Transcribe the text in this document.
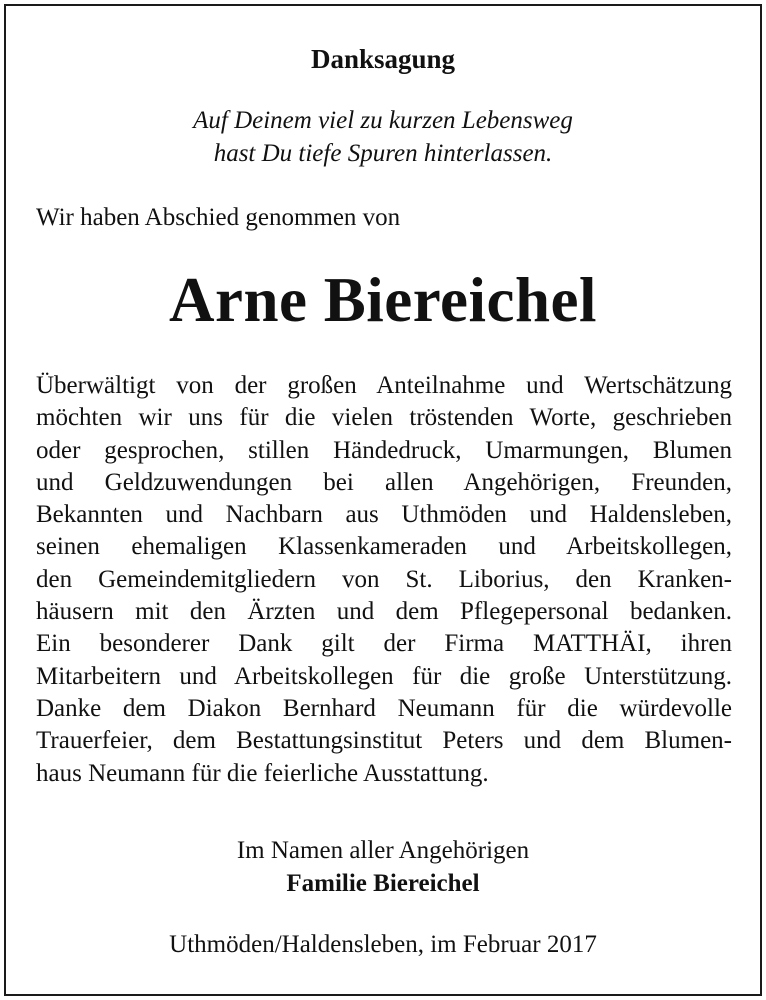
Danksagung
Auf Deinem viel zu kurzen Lebensweg
hast Du tiefe Spuren hinterlassen.
Wir haben Abschied genommen von
Arne Biereichel
Überwältigt von der großen Anteilnahme und Wertschätzung
möchten wir uns für die vielen tröstenden Worte, geschrieben
oder gesprochen, stillen Händedruck, Umarmungen, Blumen
und Geldzuwendungen bei allen Angehörigen, Freunden,
Bekannten und Nachbarn aus Uthmöden und Haldensleben,
seinen ehemaligen Klassenkameraden und Arbeitskollegen,
den Gemeindemitgliedern von St. Liborius, den Kranken-
häusern mit den Ärzten und dem Pflegepersonal bedanken.
Ein besonderer Dank gilt der Firma MATTHÄI, ihren
Mitarbeitern und Arbeitskollegen für die große Unterstützung.
Danke dem Diakon Bernhard Neumann für die würdevolle
Trauerfeier, dem Bestattungsinstitut Peters und dem Blumen-
haus Neumann für die feierliche Ausstattung.
Im Namen aller Angehörigen
Familie Biereichel
Uthmöden/Haldensleben, im Februar 2017
